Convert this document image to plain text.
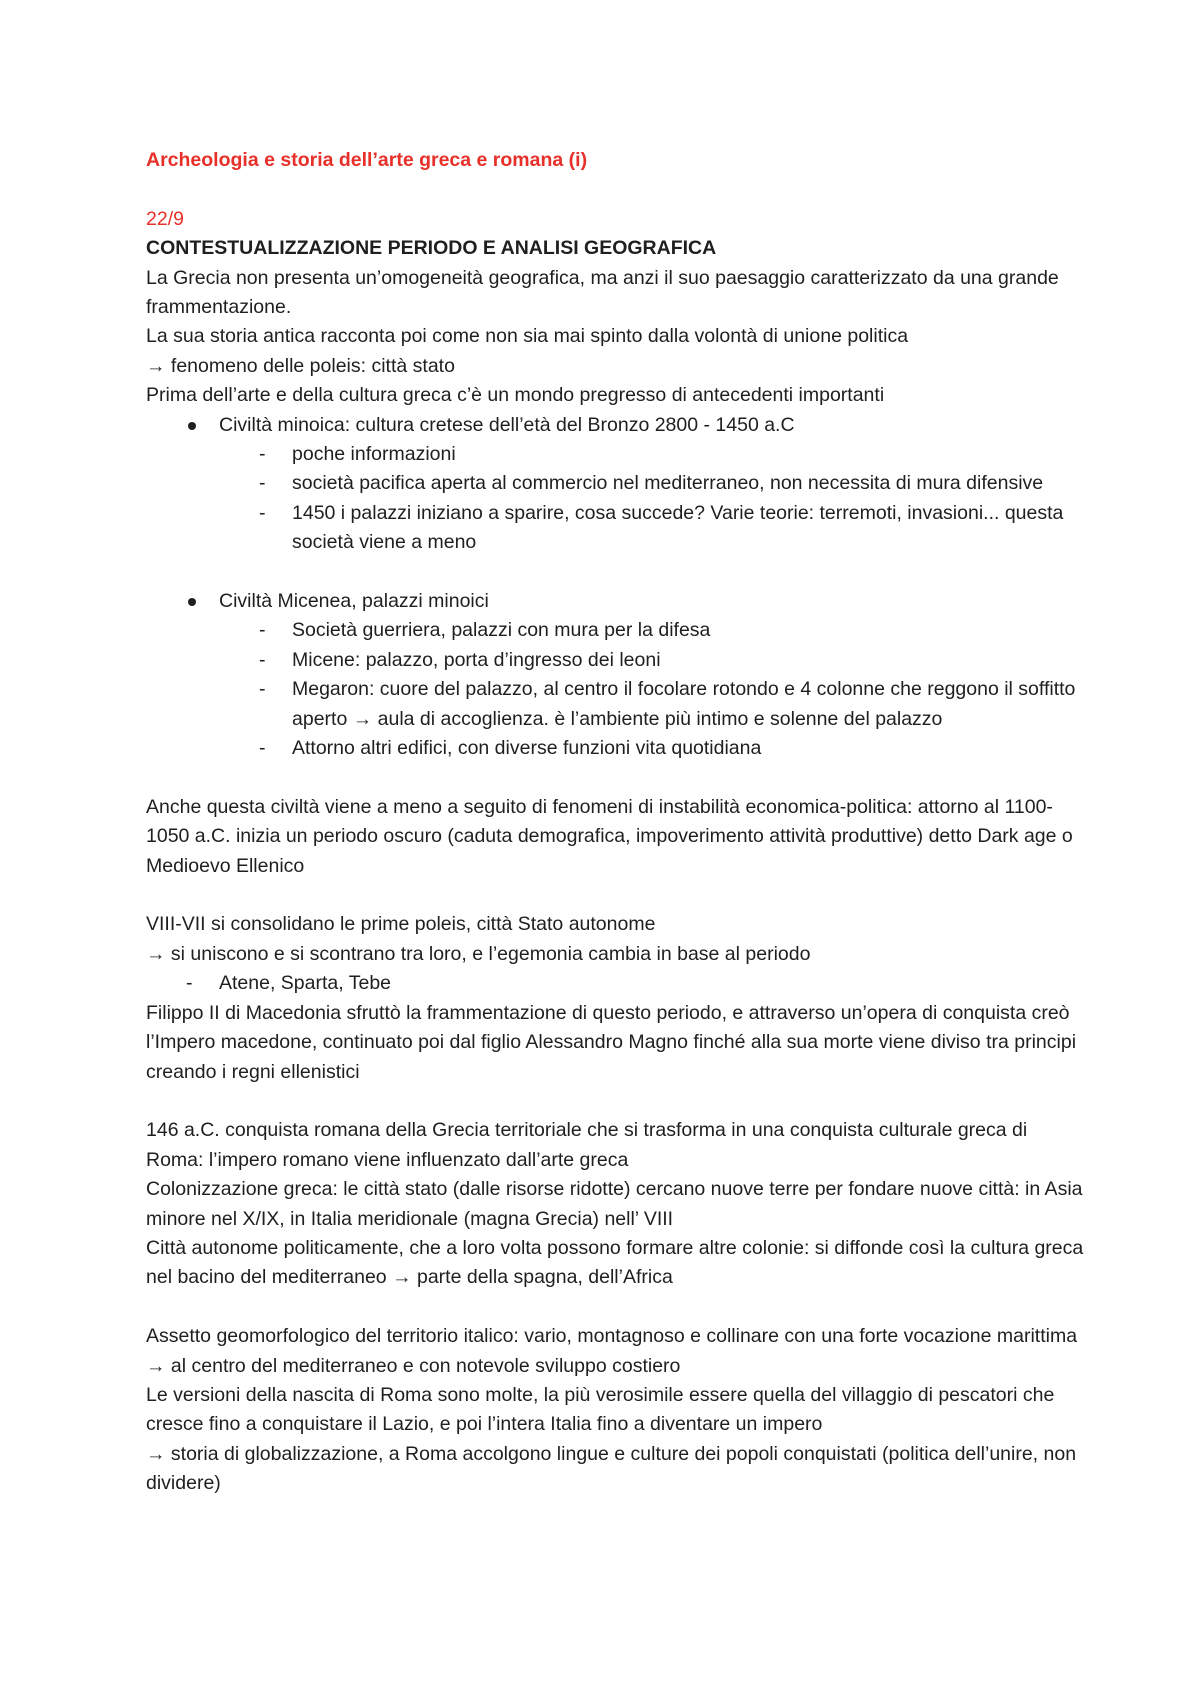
Archeologia e storia dell’arte greca e romana (i)

22/9

CONTESTUALIZZAZIONE PERIODO E ANALISI GEOGRAFICA

La Grecia non presenta un’omogeneità geografica, ma anzi il suo paesaggio caratterizzato da una grande frammentazione.

La sua storia antica racconta poi come non sia mai spinto dalla volontà di unione politica

→ fenomeno delle poleis: città stato

Prima dell’arte e della cultura greca c’è un mondo pregresso di antecedenti importanti

Civiltà minoica: cultura cretese dell’età del Bronzo 2800 - 1450 a.C
- poche informazioni
- società pacifica aperta al commercio nel mediterraneo, non necessita di mura difensive
- 1450 i palazzi iniziano a sparire, cosa succede? Varie teorie: terremoti, invasioni... questa società viene a meno
Civiltà Micenea, palazzi minoici
- Società guerriera, palazzi con mura per la difesa
- Micene: palazzo, porta d’ingresso dei leoni
- Megaron: cuore del palazzo, al centro il focolare rotondo e 4 colonne che reggono il soffitto aperto → aula di accoglienza. è l’ambiente più intimo e solenne del palazzo
- Attorno altri edifici, con diverse funzioni vita quotidiana

Anche questa civiltà viene a meno a seguito di fenomeni di instabilità economica-politica: attorno al 1100-1050 a.C. inizia un periodo oscuro (caduta demografica, impoverimento attività produttive) detto Dark age o Medioevo Ellenico

VIII-VII si consolidano le prime poleis, città Stato autonome

→ si uniscono e si scontrano tra loro, e l’egemonia cambia in base al periodo

- Atene, Sparta, Tebe

Filippo II di Macedonia sfruttò la frammentazione di questo periodo, e attraverso un’opera di conquista creò l’Impero macedone, continuato poi dal figlio Alessandro Magno finché alla sua morte viene diviso tra principi creando i regni ellenistici

146 a.C. conquista romana della Grecia territoriale che si trasforma in una conquista culturale greca di Roma: l’impero romano viene influenzato dall’arte greca

Colonizzazione greca: le città stato (dalle risorse ridotte) cercano nuove terre per fondare nuove città: in Asia minore nel X/IX, in Italia meridionale (magna Grecia) nell’ VIII

Città autonome politicamente, che a loro volta possono formare altre colonie: si diffonde così la cultura greca nel bacino del mediterraneo → parte della spagna, dell’Africa

Assetto geomorfologico del territorio italico: vario, montagnoso e collinare con una forte vocazione marittima → al centro del mediterraneo e con notevole sviluppo costiero

Le versioni della nascita di Roma sono molte, la più verosimile essere quella del villaggio di pescatori che cresce fino a conquistare il Lazio, e poi l’intera Italia fino a diventare un impero

→ storia di globalizzazione, a Roma accolgono lingue e culture dei popoli conquistati (politica dell’unire, non dividere)
